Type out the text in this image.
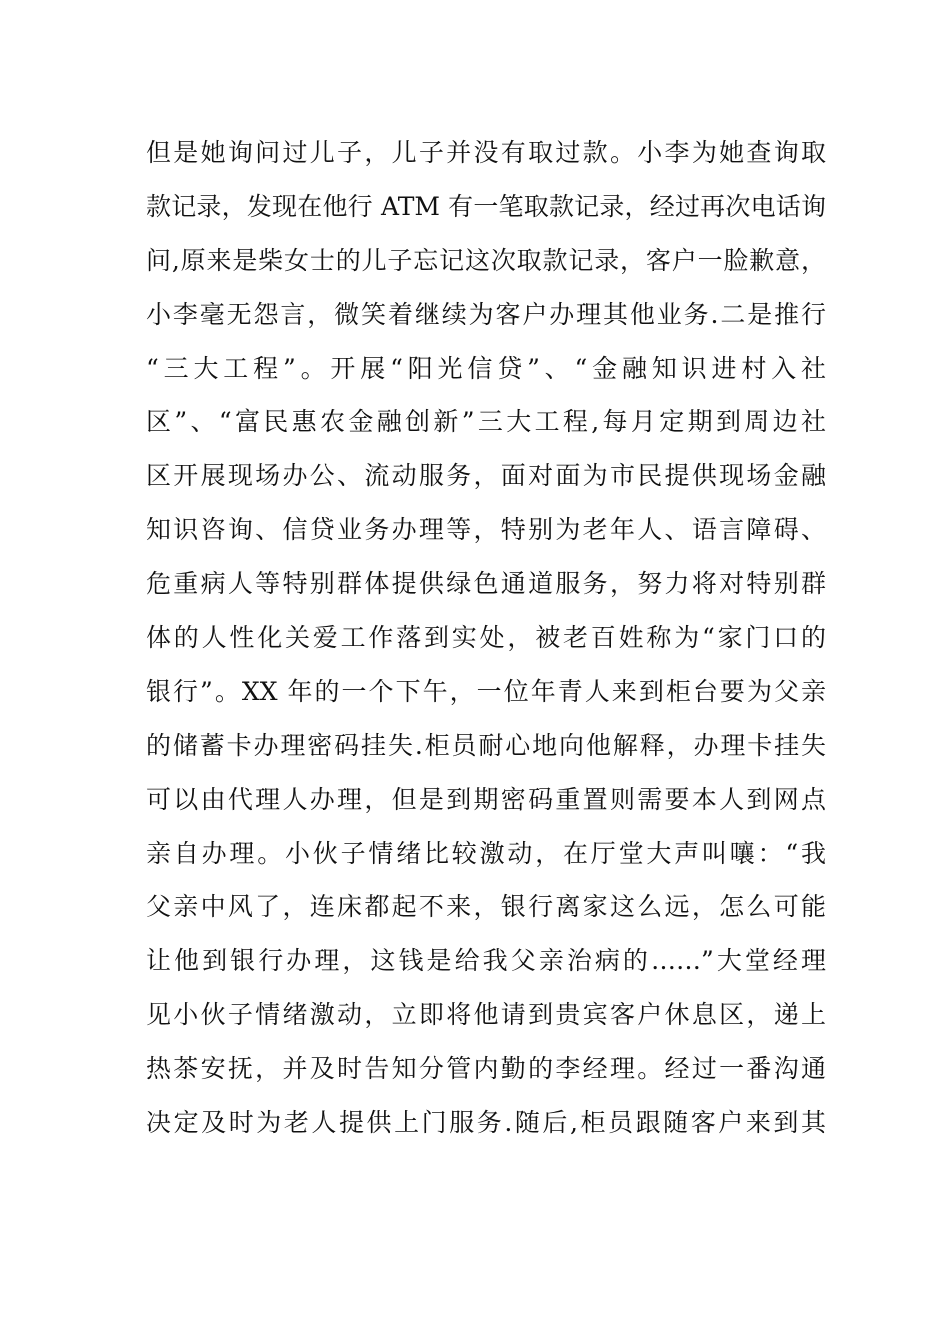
但是她询问过儿子，儿子并没有取过款。小李为她查询取
款记录，发现在他行 ATM 有一笔取款记录，经过再次电话询
问,原来是柴女士的儿子忘记这次取款记录，客户一脸歉意，
小李毫无怨言，微笑着继续为客户办理其他业务.二是推行
“三大工程”。开展“阳光信贷”、“金融知识进村入社
区”、“富民惠农金融创新”三大工程,每月定期到周边社
区开展现场办公、流动服务，面对面为市民提供现场金融
知识咨询、信贷业务办理等，特别为老年人、语言障碍、
危重病人等特别群体提供绿色通道服务，努力将对特别群
体的人性化关爱工作落到实处，被老百姓称为“家门口的
银行”。XX 年的一个下午，一位年青人来到柜台要为父亲
的储蓄卡办理密码挂失.柜员耐心地向他解释，办理卡挂失
可以由代理人办理，但是到期密码重置则需要本人到网点
亲自办理。小伙子情绪比较激动，在厅堂大声叫嚷：“我
父亲中风了，连床都起不来，银行离家这么远，怎么可能
让他到银行办理，这钱是给我父亲治病的……”大堂经理
见小伙子情绪激动，立即将他请到贵宾客户休息区，递上
热茶安抚，并及时告知分管内勤的李经理。经过一番沟通
决定及时为老人提供上门服务.随后,柜员跟随客户来到其
